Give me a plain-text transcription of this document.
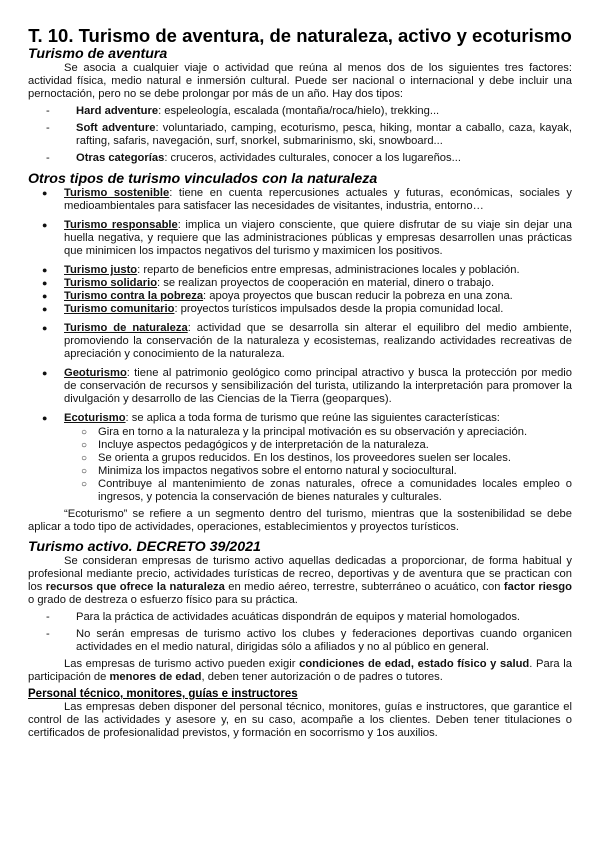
T. 10. Turismo de aventura, de naturaleza, activo y ecoturismo
Turismo de aventura

Se asocia a cualquier viaje o actividad que reúna al menos dos de los siguientes tres factores: actividad física, medio natural e inmersión cultural. Puede ser nacional o internacional y debe incluir una pernoctación, pero no se debe prolongar por más de un año. Hay dos tipos:

- Hard adventure: espeleología, escalada (montaña/roca/hielo), trekking...
- Soft adventure: voluntariado, camping, ecoturismo, pesca, hiking, montar a caballo, caza, kayak, rafting, safaris, navegación, surf, snorkel, submarinismo, ski, snowboard...
- Otras categorías: cruceros, actividades culturales, conocer a los lugareños...
Otros tipos de turismo vinculados con la naturaleza
● Turismo sostenible: tiene en cuenta repercusiones actuales y futuras, económicas, sociales y medioambientales para satisfacer las necesidades de visitantes, industria, entorno…
● Turismo responsable: implica un viajero consciente, que quiere disfrutar de su viaje sin dejar una huella negativa, y requiere que las administraciones públicas y empresas desarrollen unas prácticas que minimicen los impactos negativos del turismo y maximicen los positivos.
● Turismo justo: reparto de beneficios entre empresas, administraciones locales y población.
● Turismo solidario: se realizan proyectos de cooperación en material, dinero o trabajo.
● Turismo contra la pobreza: apoya proyectos que buscan reducir la pobreza en una zona.
● Turismo comunitario: proyectos turísticos impulsados desde la propia comunidad local.
● Turismo de naturaleza: actividad que se desarrolla sin alterar el equilibro del medio ambiente, promoviendo la conservación de la naturaleza y ecosistemas, realizando actividades recreativas de apreciación y conocimiento de la naturaleza.
● Geoturismo: tiene al patrimonio geológico como principal atractivo y busca la protección por medio de conservación de recursos y sensibilización del turista, utilizando la interpretación para promover la divulgación y desarrollo de las Ciencias de la Tierra (geoparques).
● Ecoturismo: se aplica a toda forma de turismo que reúne las siguientes características:
○ Gira en torno a la naturaleza y la principal motivación es su observación y apreciación.
○ Incluye aspectos pedagógicos y de interpretación de la naturaleza.
○ Se orienta a grupos reducidos. En los destinos, los proveedores suelen ser locales.
○ Minimiza los impactos negativos sobre el entorno natural y sociocultural.
○ Contribuye al mantenimiento de zonas naturales, ofrece a comunidades locales empleo o ingresos, y potencia la conservación de bienes naturales y culturales.

“Ecoturismo” se refiere a un segmento dentro del turismo, mientras que la sostenibilidad se debe aplicar a todo tipo de actividades, operaciones, establecimientos y proyectos turísticos.

Turismo activo. DECRETO 39/2021

Se consideran empresas de turismo activo aquellas dedicadas a proporcionar, de forma habitual y profesional mediante precio, actividades turísticas de recreo, deportivas y de aventura que se practican con los recursos que ofrece la naturaleza en medio aéreo, terrestre, subterráneo o acuático, con factor riesgo o grado de destreza o esfuerzo físico para su práctica.

- Para la práctica de actividades acuáticas dispondrán de equipos y material homologados.
- No serán empresas de turismo activo los clubes y federaciones deportivas cuando organicen actividades en el medio natural, dirigidas sólo a afiliados y no al público en general.

Las empresas de turismo activo pueden exigir condiciones de edad, estado físico y salud. Para la participación de menores de edad, deben tener autorización o de padres o tutores.

Personal técnico, monitores, guías e instructores

Las empresas deben disponer del personal técnico, monitores, guías e instructores, que garantice el control de las actividades y asesore y, en su caso, acompañe a los clientes. Deben tener titulaciones o certificados de profesionalidad previstos, y formación en socorrismo y 1os auxilios.
